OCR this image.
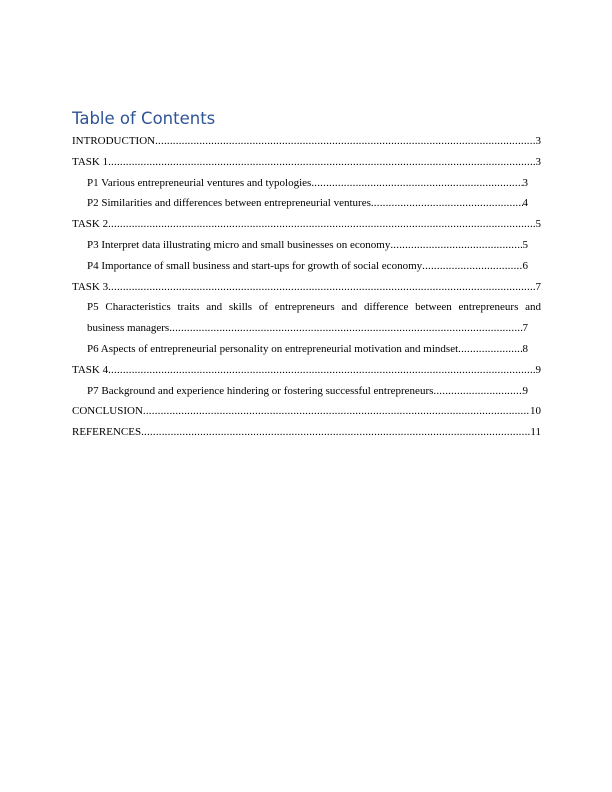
Table of Contents
INTRODUCTION .....	3
TASK 1 .....	3
P1 Various entrepreneurial ventures and typologies .....	3
P2 Similarities and differences between entrepreneurial ventures .....	4
TASK 2 .....	5
P3 Interpret data illustrating micro and small businesses on economy .....	5
P4 Importance of small business and start-ups for growth of social economy .....	6
TASK 3 .....	7
P5 Characteristics traits and skills of entrepreneurs and difference between entrepreneurs and
business managers .....	7
P6 Aspects of entrepreneurial personality on entrepreneurial motivation and mindset .....	8
TASK 4 .....	9
P7 Background and experience hindering or fostering successful entrepreneurs .....	9
CONCLUSION .....	10
REFERENCES .....	11
